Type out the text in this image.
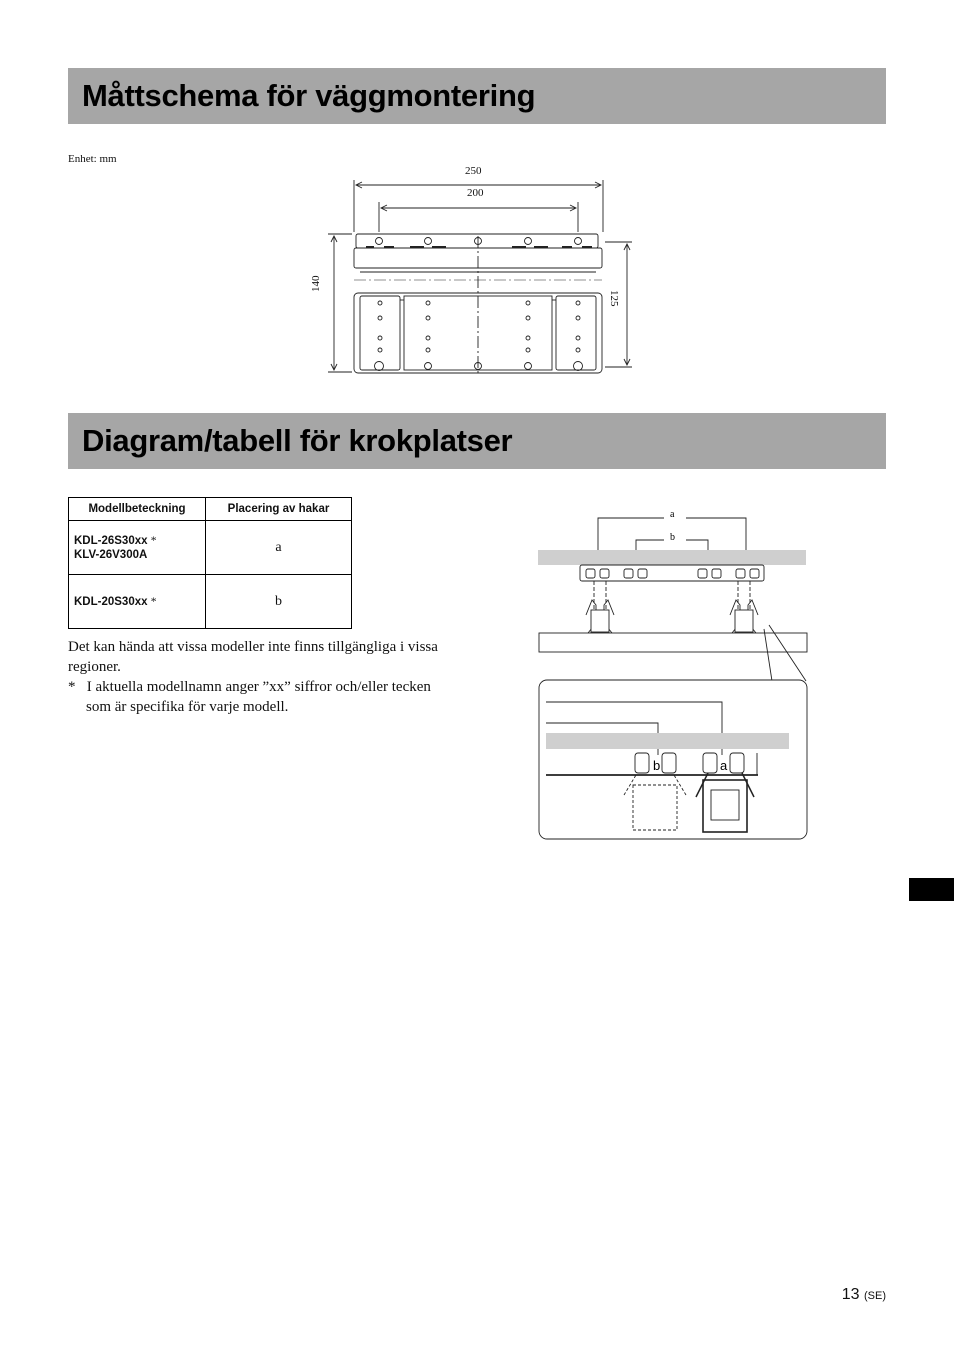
Måttschema för väggmontering
Enhet: mm
250
200
140
125
Diagram/tabell för krokplatser
Modellbeteckning	Placering av hakar
KDL-26S30xx *
KLV-26V300A	a
KDL-20S30xx *	b

Det kan hända att vissa modeller inte finns tillgängliga i vissa regioner.

* I aktuella modellnamn anger ”xx” siffror och/eller tecken som är specifika för varje modell.

a
b
b	a
13 (SE)
